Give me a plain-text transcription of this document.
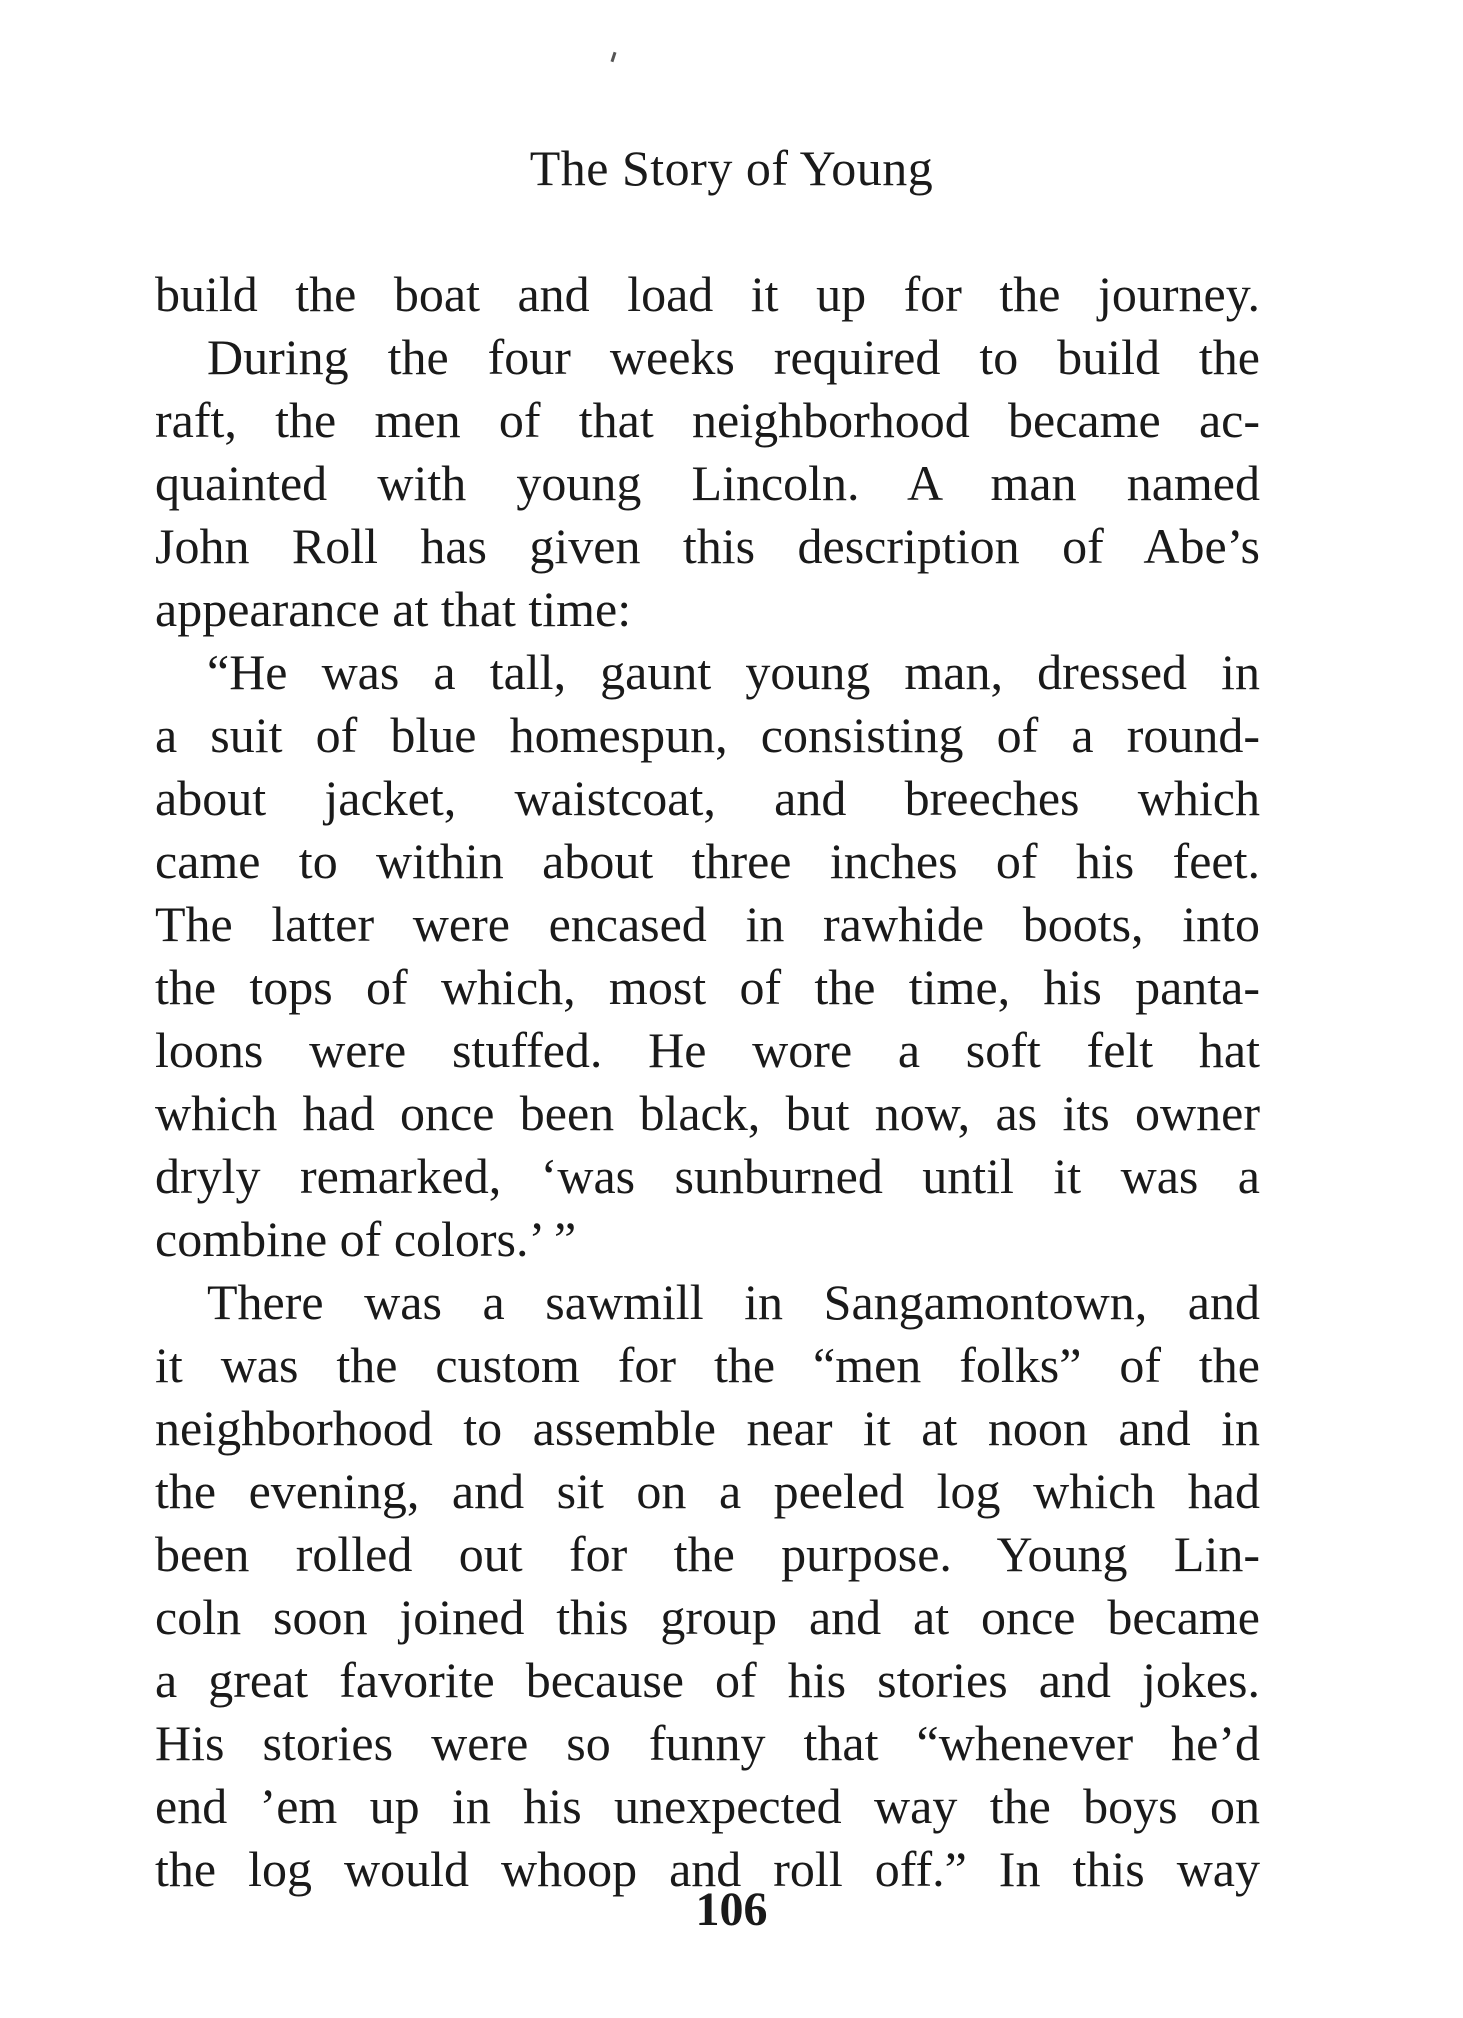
The Story of Young
build the boat and load it up for the journey.
During the four weeks required to build the
raft, the men of that neighborhood became ac-
quainted with young Lincoln. A man named
John Roll has given this description of Abe’s
appearance at that time:
“He was a tall, gaunt young man, dressed in
a suit of blue homespun, consisting of a round-
about jacket, waistcoat, and breeches which
came to within about three inches of his feet.
The latter were encased in rawhide boots, into
the tops of which, most of the time, his panta-
loons were stuffed. He wore a soft felt hat
which had once been black, but now, as its owner
dryly remarked, ‘was sunburned until it was a
combine of colors.’ ”
There was a sawmill in Sangamontown, and
it was the custom for the “men folks” of the
neighborhood to assemble near it at noon and in
the evening, and sit on a peeled log which had
been rolled out for the purpose. Young Lin-
coln soon joined this group and at once became
a great favorite because of his stories and jokes.
His stories were so funny that “whenever he’d
end ’em up in his unexpected way the boys on
the log would whoop and roll off.” In this way
106
